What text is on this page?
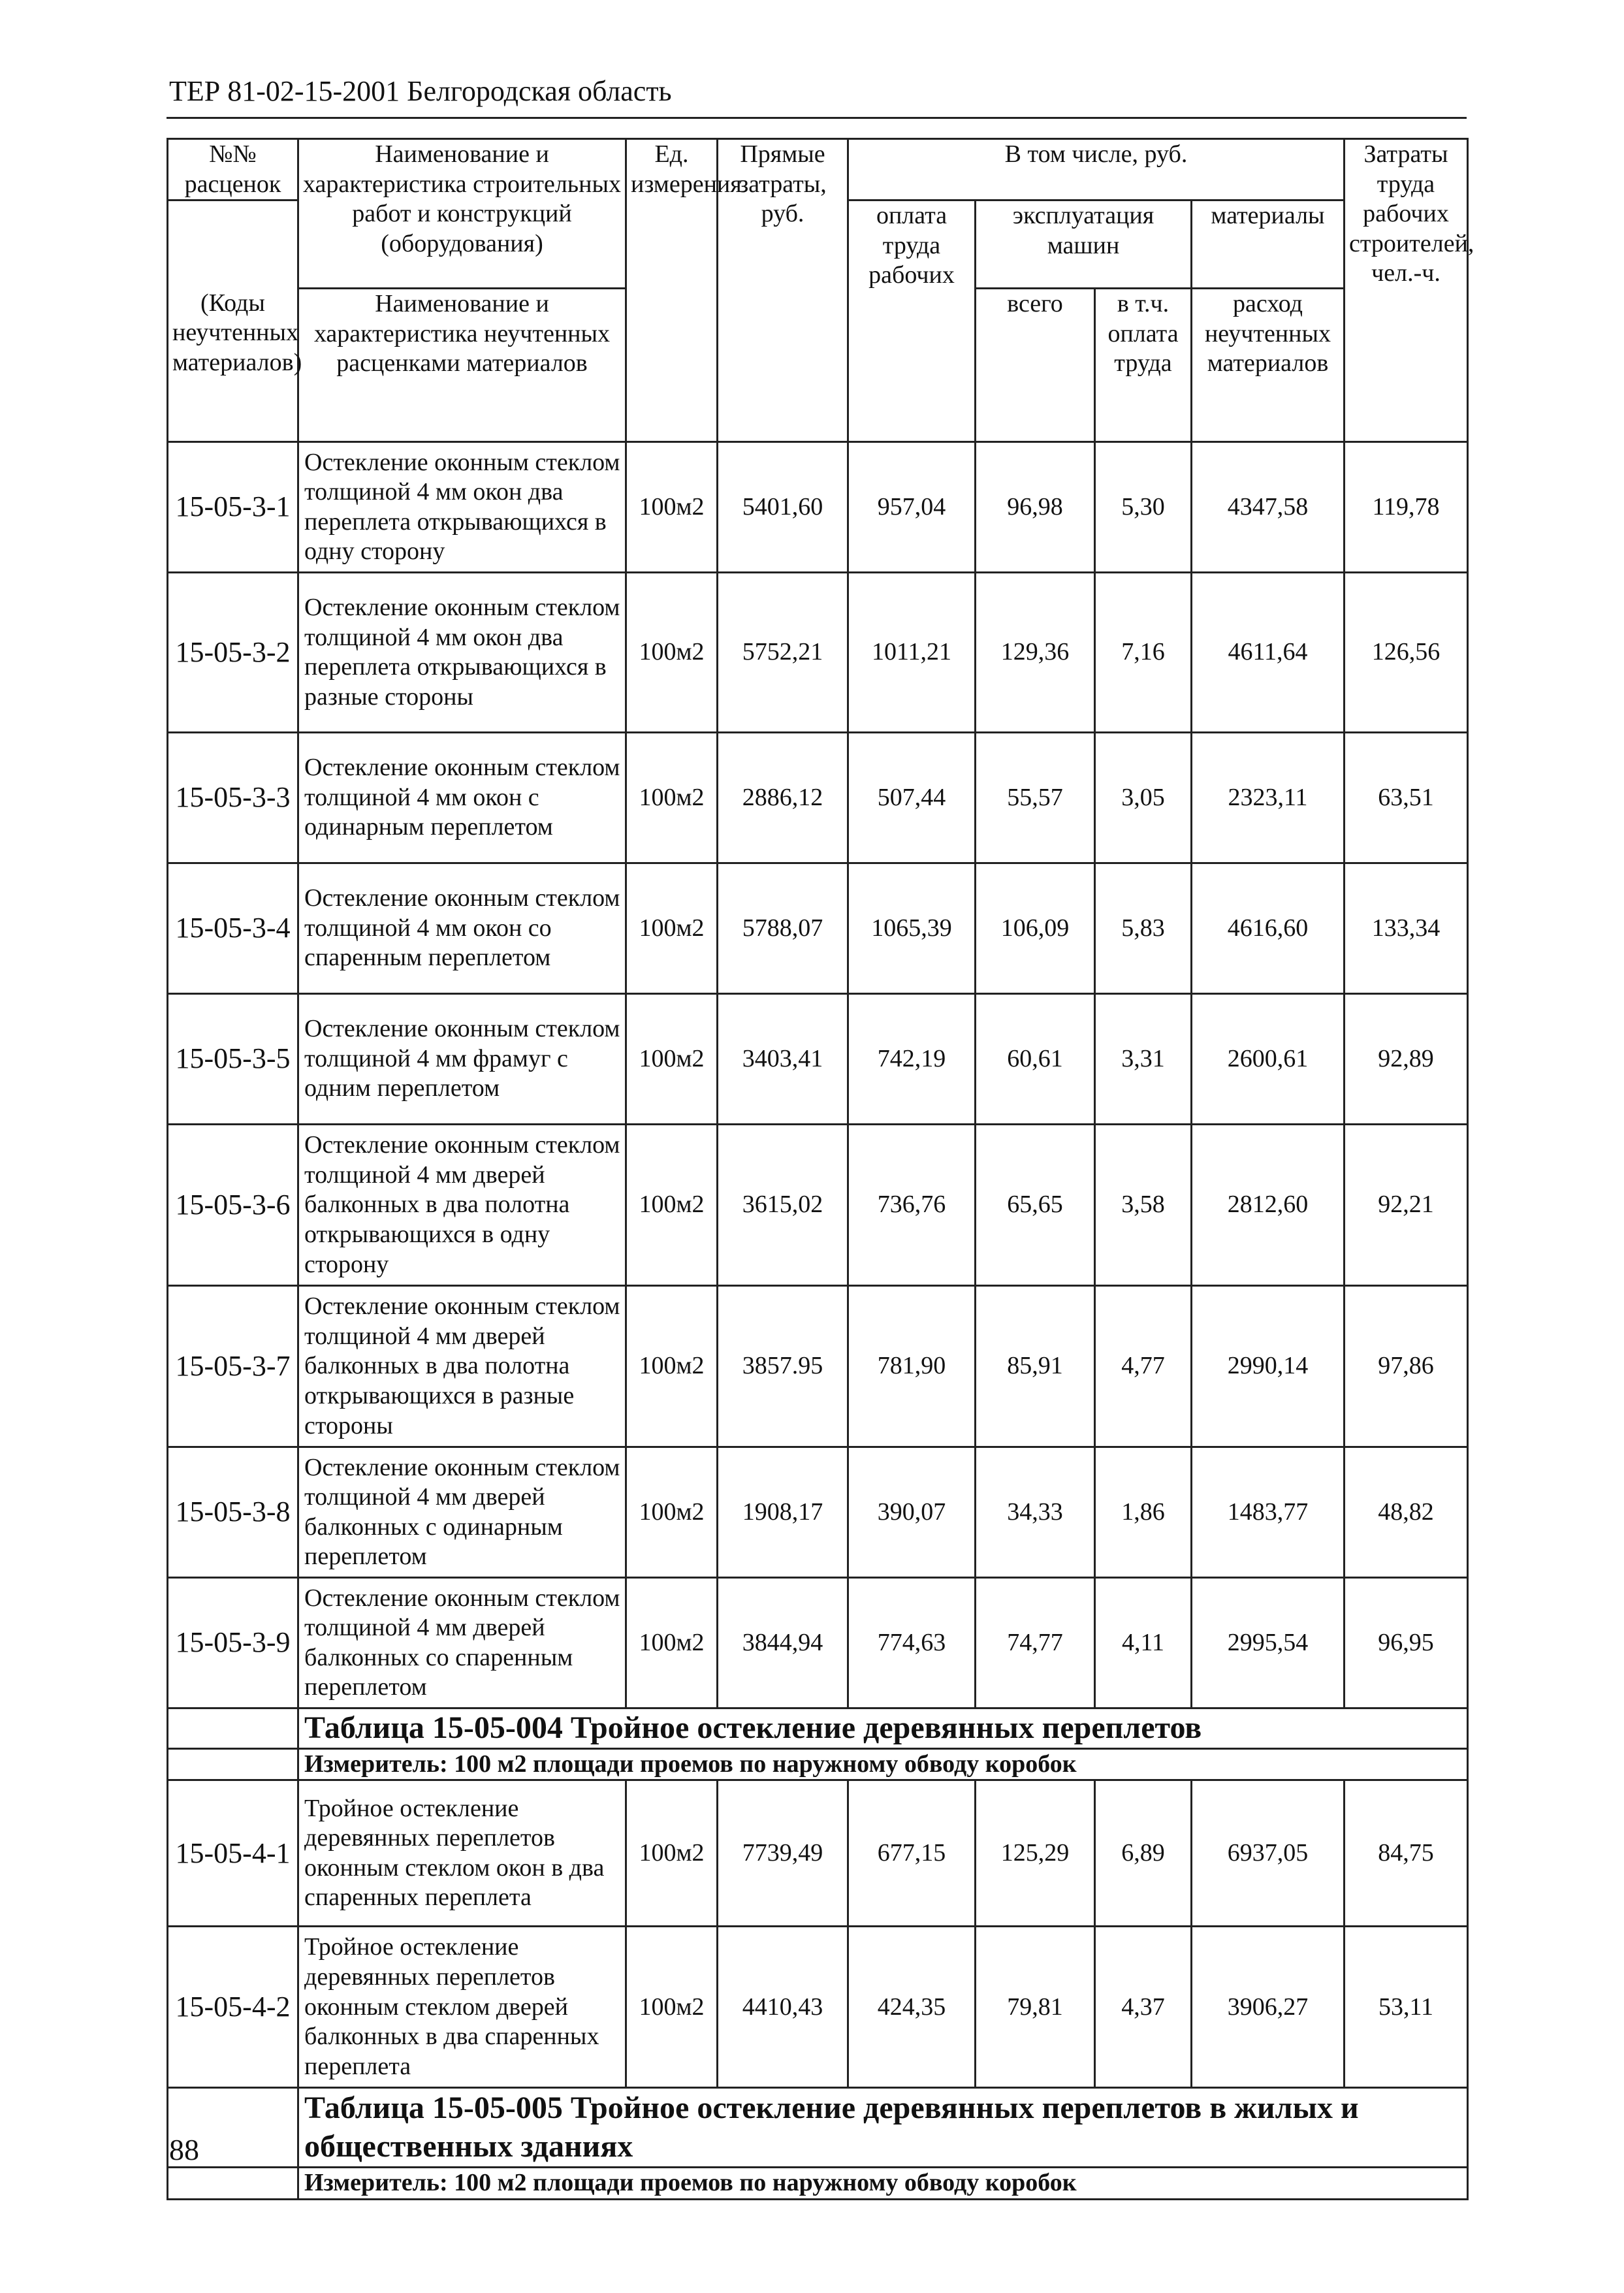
ТЕР 81-02-15-2001 Белгородская область
№№ расценок	Наименование и характеристика строительных работ и конструкций (оборудования)	Ед. измерения	Прямые затраты, руб.	В том числе, руб.				Затраты труда рабочих строителей, чел.-ч.
				оплата труда рабочих	эксплуатация машин		материалы	
(Коды неучтенных материалов)	Наименование и характеристика неучтенных расценками материалов				всего	в т.ч. оплата труда	расход неучтенных материалов	

15-05-3-1	Остекление оконным стеклом толщиной 4 мм окон два переплета открывающихся в одну сторону	100м2	5401,60	957,04	96,98	5,30	4347,58	119,78
15-05-3-2	Остекление оконным стеклом толщиной 4 мм окон два переплета открывающихся в разные стороны	100м2	5752,21	1011,21	129,36	7,16	4611,64	126,56
15-05-3-3	Остекление оконным стеклом толщиной 4 мм окон с одинарным переплетом	100м2	2886,12	507,44	55,57	3,05	2323,11	63,51
15-05-3-4	Остекление оконным стеклом толщиной 4 мм окон со спаренным переплетом	100м2	5788,07	1065,39	106,09	5,83	4616,60	133,34
15-05-3-5	Остекление оконным стеклом толщиной 4 мм фрамуг с одним переплетом	100м2	3403,41	742,19	60,61	3,31	2600,61	92,89
15-05-3-6	Остекление оконным стеклом толщиной 4 мм дверей балконных в два полотна открывающихся в одну сторону	100м2	3615,02	736,76	65,65	3,58	2812,60	92,21
15-05-3-7	Остекление оконным стеклом толщиной 4 мм дверей балконных в два полотна открывающихся в разные стороны	100м2	3857.95	781,90	85,91	4,77	2990,14	97,86
15-05-3-8	Остекление оконным стеклом толщиной 4 мм дверей балконных с одинарным переплетом	100м2	1908,17	390,07	34,33	1,86	1483,77	48,82
15-05-3-9	Остекление оконным стеклом толщиной 4 мм дверей балконных со спаренным переплетом	100м2	3844,94	774,63	74,77	4,11	2995,54	96,95
	Таблица 15-05-004 Тройное остекление деревянных переплетов							
	Измеритель: 100 м2 площади проемов по наружному обводу коробок							
15-05-4-1	Тройное остекление деревянных переплетов оконным стеклом окон в два спаренных переплета	100м2	7739,49	677,15	125,29	6,89	6937,05	84,75
15-05-4-2	Тройное остекление деревянных переплетов оконным стеклом дверей балконных в два спаренных переплета	100м2	4410,43	424,35	79,81	4,37	3906,27	53,11
	Таблица 15-05-005 Тройное остекление деревянных переплетов в жилых и общественных зданиях							
	Измеритель: 100 м2 площади проемов по наружному обводу коробок							
88
